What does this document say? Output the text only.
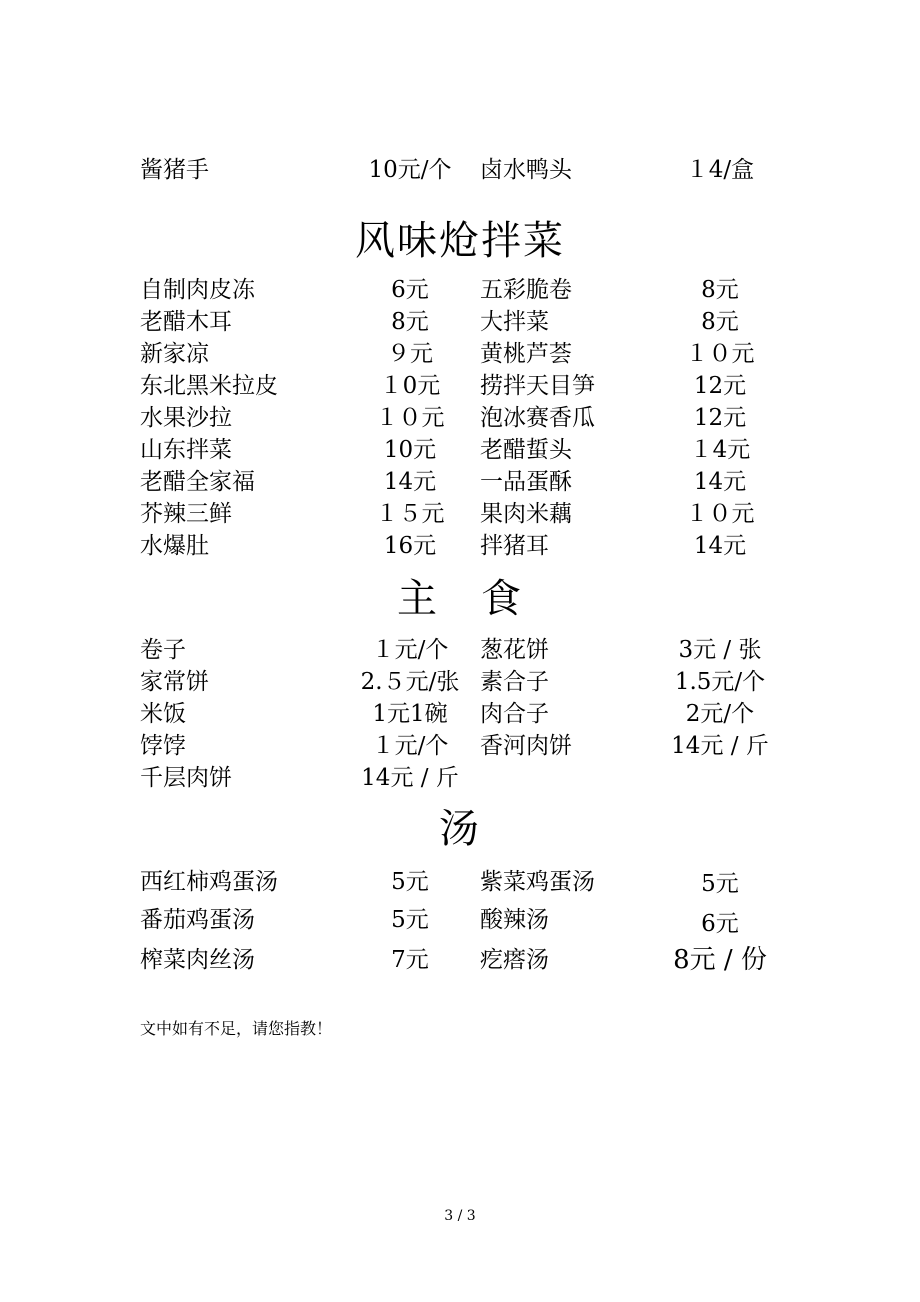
酱猪手	10元/个	卤水鸭头	１4/盒
风味炝拌菜
自制肉皮冻	6元	五彩脆卷	8元
老醋木耳	8元	大拌菜	8元
新家凉	９元	黄桃芦荟	１０元
东北黑米拉皮	１0元	捞拌天目笋	12元
水果沙拉	１０元	泡冰赛香瓜	12元
山东拌菜	10元	老醋蜇头	１4元
老醋全家福	14元	一品蛋酥	14元
芥辣三鲜	１５元	果肉米藕	１０元
水爆肚	16元	拌猪耳	14元
主　食
卷子	１元/个	葱花饼	3元 / 张
家常饼	2.５元/张 素合子	1.5元/个
米饭	1元1碗	肉合子	2元/个
饽饽	１元/个	香河肉饼	14元 / 斤
千层肉饼	14元 / 斤
汤
西红柿鸡蛋汤	5元	紫菜鸡蛋汤	5元
番茄鸡蛋汤	5元	酸辣汤	6元
榨菜肉丝汤	7元	疙瘩汤	8元 / 份
文中如有不足，请您指教！
3 / 3
